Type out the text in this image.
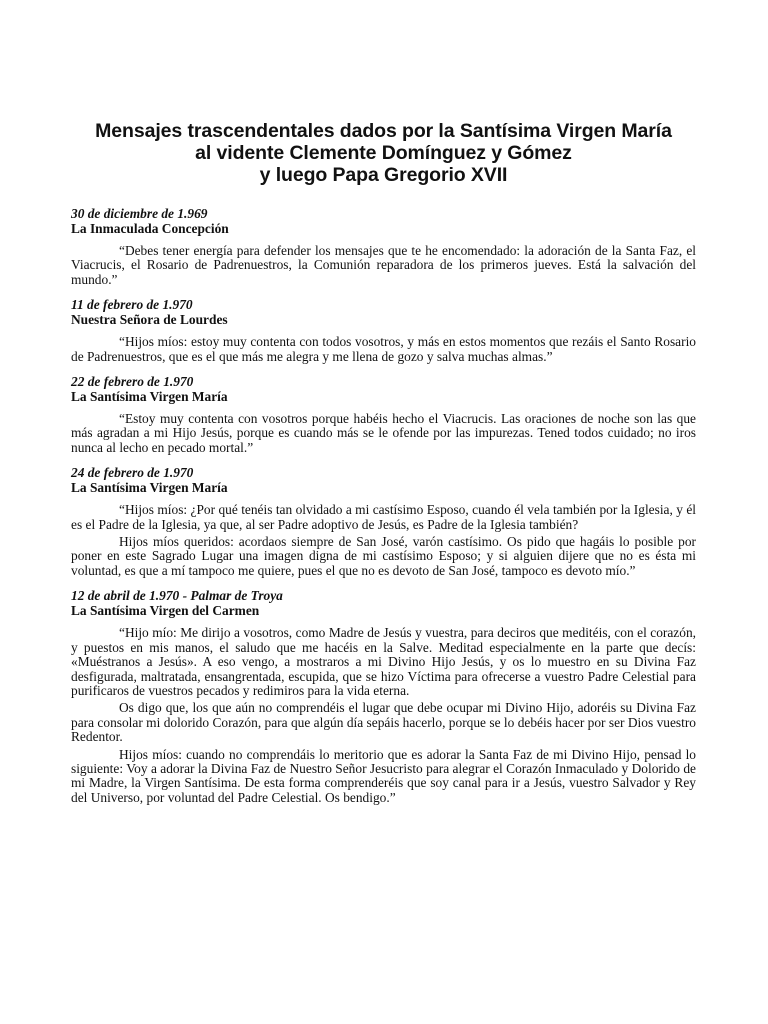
Mensajes trascendentales dados por la Santísima Virgen María
al vidente Clemente Domínguez y Gómez
y luego Papa Gregorio XVII
30 de diciembre de 1.969
La Inmaculada Concepción

“Debes tener energía para defender los mensajes que te he encomendado: la adoración de la Santa Faz, el Viacrucis, el Rosario de Padrenuestros, la Comunión reparadora de los primeros jueves. Está la salvación del mundo.”

11 de febrero de 1.970
Nuestra Señora de Lourdes

“Hijos míos: estoy muy contenta con todos vosotros, y más en estos momentos que rezáis el Santo Rosario de Padrenuestros, que es el que más me alegra y me llena de gozo y salva muchas almas.”

22 de febrero de 1.970
La Santísima Virgen María

“Estoy muy contenta con vosotros porque habéis hecho el Viacrucis. Las oraciones de noche son las que más agradan a mi Hijo Jesús, porque es cuando más se le ofende por las impurezas. Tened todos cuidado; no iros nunca al lecho en pecado mortal.”

24 de febrero de 1.970
La Santísima Virgen María

“Hijos míos: ¿Por qué tenéis tan olvidado a mi castísimo Esposo, cuando él vela también por la Iglesia, y él es el Padre de la Iglesia, ya que, al ser Padre adoptivo de Jesús, es Padre de la Iglesia también?

Hijos míos queridos: acordaos siempre de San José, varón castísimo. Os pido que hagáis lo posible por poner en este Sagrado Lugar una imagen digna de mi castísimo Esposo; y si alguien dijere que no es ésta mi voluntad, es que a mí tampoco me quiere, pues el que no es devoto de San José, tampoco es devoto mío.”

12 de abril de 1.970 - Palmar de Troya
La Santísima Virgen del Carmen

“Hijo mío: Me dirijo a vosotros, como Madre de Jesús y vuestra, para deciros que meditéis, con el corazón, y puestos en mis manos, el saludo que me hacéis en la Salve. Meditad especialmente en la parte que decís: «Muéstranos a Jesús». A eso vengo, a mostraros a mi Divino Hijo Jesús, y os lo muestro en su Divina Faz desfigurada, maltratada, ensangrentada, escupida, que se hizo Víctima para ofrecerse a vuestro Padre Celestial para purificaros de vuestros pecados y redimiros para la vida eterna.

Os digo que, los que aún no comprendéis el lugar que debe ocupar mi Divino Hijo, adoréis su Divina Faz para consolar mi dolorido Corazón, para que algún día sepáis hacerlo, porque se lo debéis hacer por ser Dios vuestro Redentor.

Hijos míos: cuando no comprendáis lo meritorio que es adorar la Santa Faz de mi Divino Hijo, pensad lo siguiente: Voy a adorar la Divina Faz de Nuestro Señor Jesucristo para alegrar el Corazón Inmaculado y Dolorido de mi Madre, la Virgen Santísima. De esta forma comprenderéis que soy canal para ir a Jesús, vuestro Salvador y Rey del Universo, por voluntad del Padre Celestial. Os bendigo.”
